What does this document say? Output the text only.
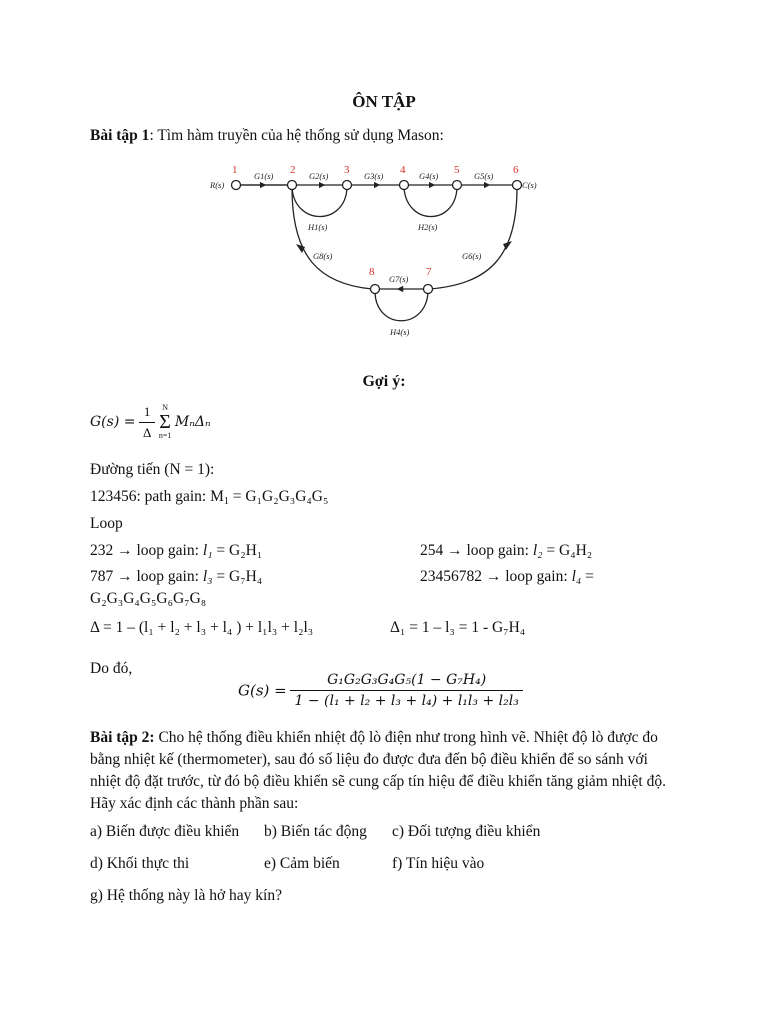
ÔN TẬP
Bài tập 1: Tìm hàm truyền của hệ thống sử dụng Mason:
1	2	3	4	5	6
7
8
R(s)	C(s)
G1(s)	G2(s)	G3(s)	G4(s)	G5(s)
H1(s)	H2(s)
G8(s)	G6(s)
G7(s)
H4(s)
Gợi ý:
$G(s) = \frac{1}{\Delta}$
N
Σ
n=1
MₙΔₙ
Đường tiến (N = 1):
123456: path gain: $M_1 = G_1G_2G_3G_4G_5$
Loop
232 → loop gain: l₁ = G₂H₁	254 → loop gain: l₂ = G₄H₂
787 → loop gain: l₃ = G₇H₄	23456782 → loop gain: l₄ =
G₂G₃G₄G₅G₆G₇G₈
Δ = 1 – (l₁ + l₂ + l₃ + l₄ ) + l₁l₃ + l₂l₃	Δ₁ = 1 – l₃ = 1 - G₇H₄
Do đó,
$G(s) = \frac{\text{G₁G₂G₃G₄G₅(1 − G₇H₄)}}{\text{1 − (l₁ + l₂ + l₃ + l₄) + l₁l₃ + l₂l₃}}$
Bài tập 2: Cho hệ thống điều khiển nhiệt độ lò điện như trong hình vẽ. Nhiệt độ lò được đo bằng nhiệt kế (thermometer), sau đó số liệu đo được đưa đến bộ điều khiển để so sánh với nhiệt độ đặt trước, từ đó bộ điều khiển sẽ cung cấp tín hiệu để điều khiển tăng giảm nhiệt độ. Hãy xác định các thành phần sau:
a) Biến được điều khiển b) Biến tác động c) Đối tượng điều khiển
d) Khối thực thi	e) Cảm biến	f) Tín hiệu vào
g) Hệ thống này là hở hay kín?
